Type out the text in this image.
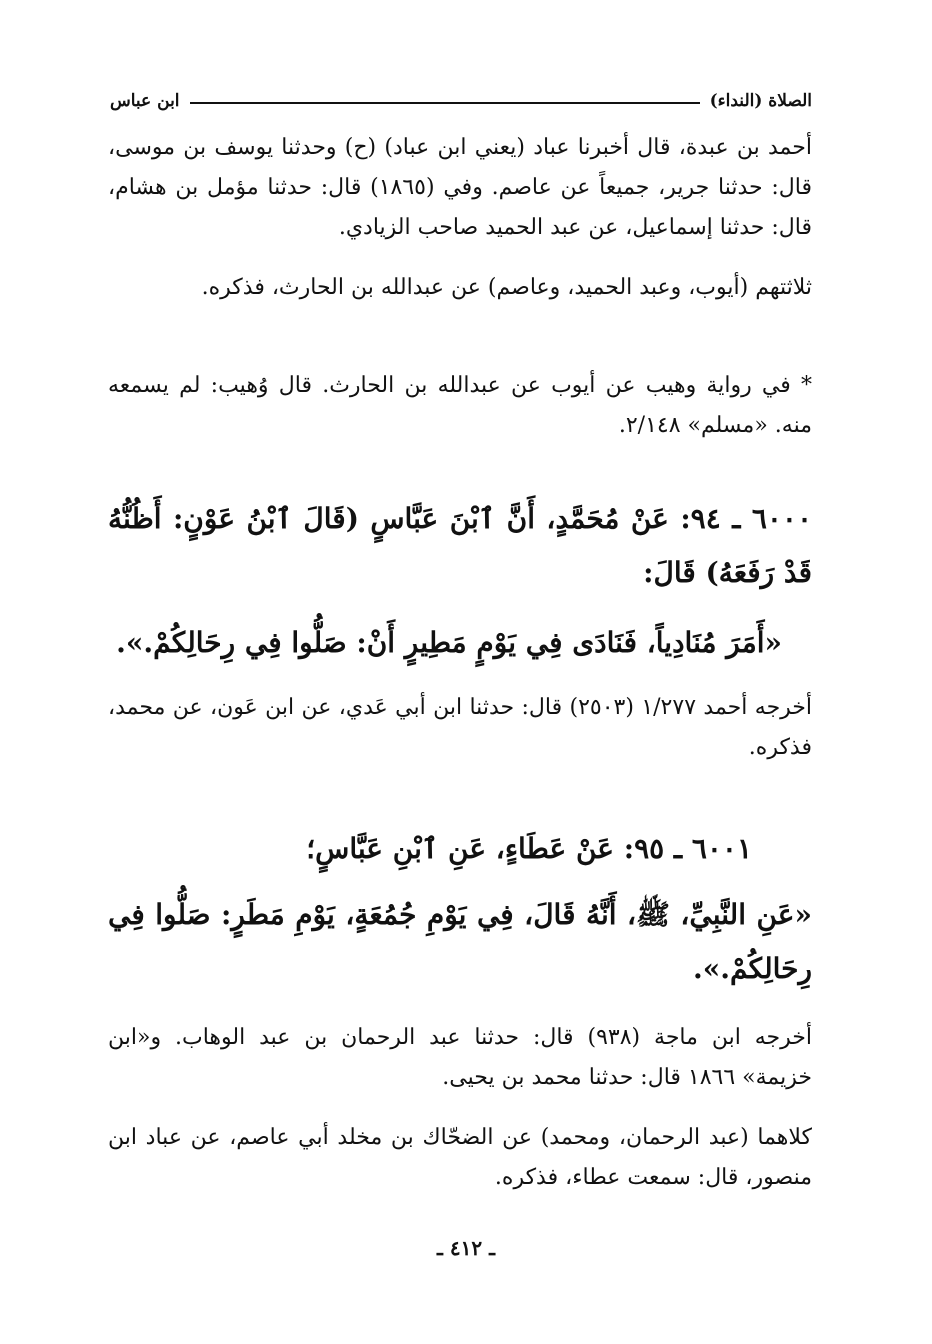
الصلاة (النداء)
ابن عباس

أحمد بن عبدة، قال أخبرنا عباد (يعني ابن عباد) (ح) وحدثنا يوسف بن موسى، قال: حدثنا جرير، جميعاً عن عاصم. وفي (١٨٦٥) قال: حدثنا مؤمل بن هشام، قال: حدثنا إسماعيل، عن عبد الحميد صاحب الزيادي.

ثلاثتهم (أيوب، وعبد الحميد، وعاصم) عن عبدالله بن الحارث، فذكره.

* في رواية وهيب عن أيوب عن عبدالله بن الحارث. قال وُهيب: لم يسمعه منه. «مسلم» ٢/١٤٨.

٦٠٠٠ ـ ٩٤: عَنْ مُحَمَّدٍ، أَنَّ ٱبْنَ عَبَّاسٍ (قَالَ ٱبْنُ عَوْنٍ: أَظُنُّهُ قَدْ رَفَعَهُ) قَالَ:

«أَمَرَ مُنَادِياً، فَنَادَى فِي يَوْمٍ مَطِيرٍ أَنْ: صَلُّوا فِي رِحَالِكُمْ.».

أخرجه أحمد ١/٢٧٧ (٢٥٠٣) قال: حدثنا ابن أبي عَدي، عن ابن عَون، عن محمد، فذكره.

٦٠٠١ ـ ٩٥: عَنْ عَطَاءٍ، عَنِ ٱبْنِ عَبَّاسٍ؛

«عَنِ النَّبِيِّ، ﷺ، أَنَّهُ قَالَ، فِي يَوْمِ جُمُعَةٍ، يَوْمِ مَطَرٍ: صَلُّوا فِي رِحَالِكُمْ.».

أخرجه ابن ماجة (٩٣٨) قال: حدثنا عبد الرحمان بن عبد الوهاب. و«ابن خزيمة» ١٨٦٦ قال: حدثنا محمد بن يحيى.

كلاهما (عبد الرحمان، ومحمد) عن الضحّاك بن مخلد أبي عاصم، عن عباد ابن منصور، قال: سمعت عطاء، فذكره.

ـ ٤١٢ ـ
